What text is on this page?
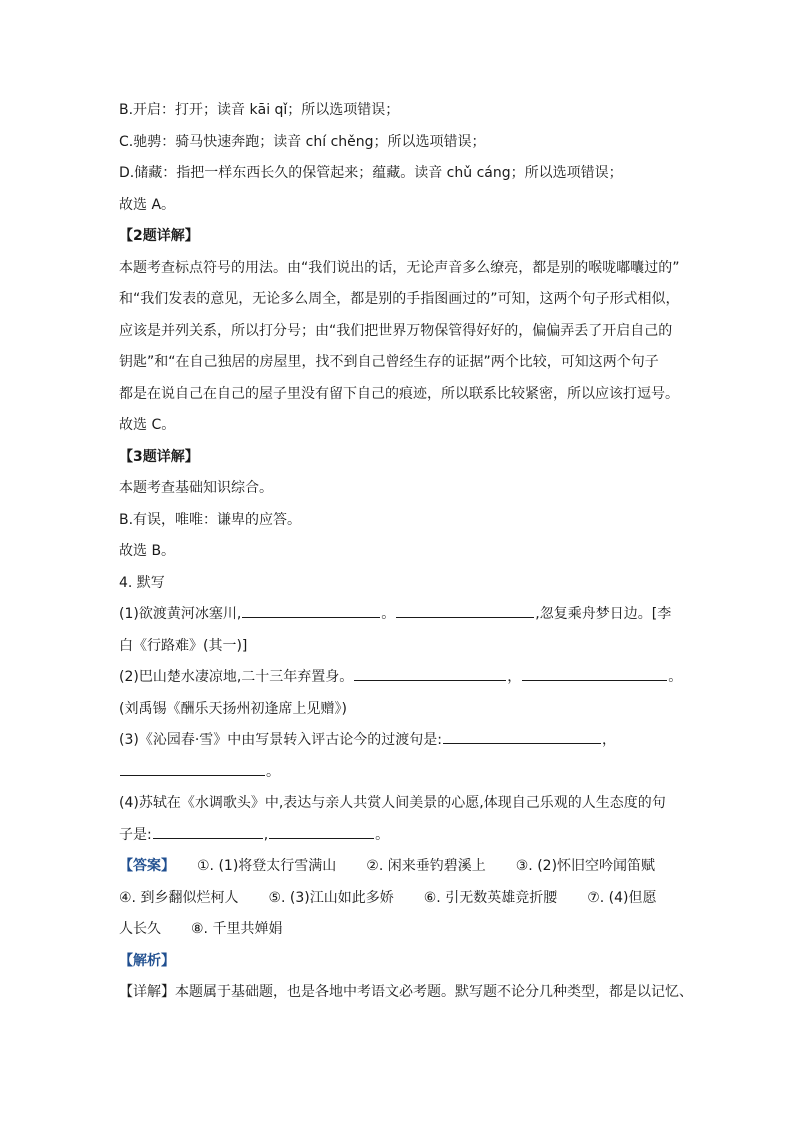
B.开启：打开；读音 kāi qǐ；所以选项错误；
C.驰骋：骑马快速奔跑；读音 chí chěng；所以选项错误；
D.储藏：指把一样东西长久的保管起来；蕴藏。读音 chǔ cáng；所以选项错误；
故选 A。
【2题详解】
本题考查标点符号的用法。由“我们说出的话，无论声音多么缭亮，都是别的喉咙嘟囔过的”
和“我们发表的意见，无论多么周全，都是别的手指图画过的”可知，这两个句子形式相似，
应该是并列关系，所以打分号；由“我们把世界万物保管得好好的，偏偏弄丢了开启自己的
钥匙”和“在自己独居的房屋里，找不到自己曾经生存的证据”两个比较，可知这两个句子
都是在说自己在自己的屋子里没有留下自己的痕迹，所以联系比较紧密，所以应该打逗号。
故选 C。
【3题详解】
本题考查基础知识综合。
B.有误，唯唯：谦卑的应答。
故选 B。
4. 默写
(1)欲渡黄河冰塞川,	。	,忽复乘舟梦日边。[李
白《行路难》(其一)]
(2)巴山楚水凄凉地,二十三年弃置身。	，	。
(刘禹锡《酬乐天扬州初逢席上见赠》)
(3)《沁园春·雪》中由写景转入评古论今的过渡句是:	，
。
(4)苏轼在《水调歌头》中,表达与亲人共赏人间美景的心愿,体现自己乐观的人生态度的句
子是:	,	。
【答案】 ①. (1)将登太行雪满山 ②. 闲来垂钓碧溪上 ③. (2)怀旧空吟闻笛赋
④. 到乡翻似烂柯人 ⑤. (3)江山如此多娇 ⑥. 引无数英雄竞折腰 ⑦. (4)但愿
人长久 ⑧. 千里共婵娟
【解析】
【详解】本题属于基础题，也是各地中考语文必考题。默写题不论分几种类型，都是以记忆、
